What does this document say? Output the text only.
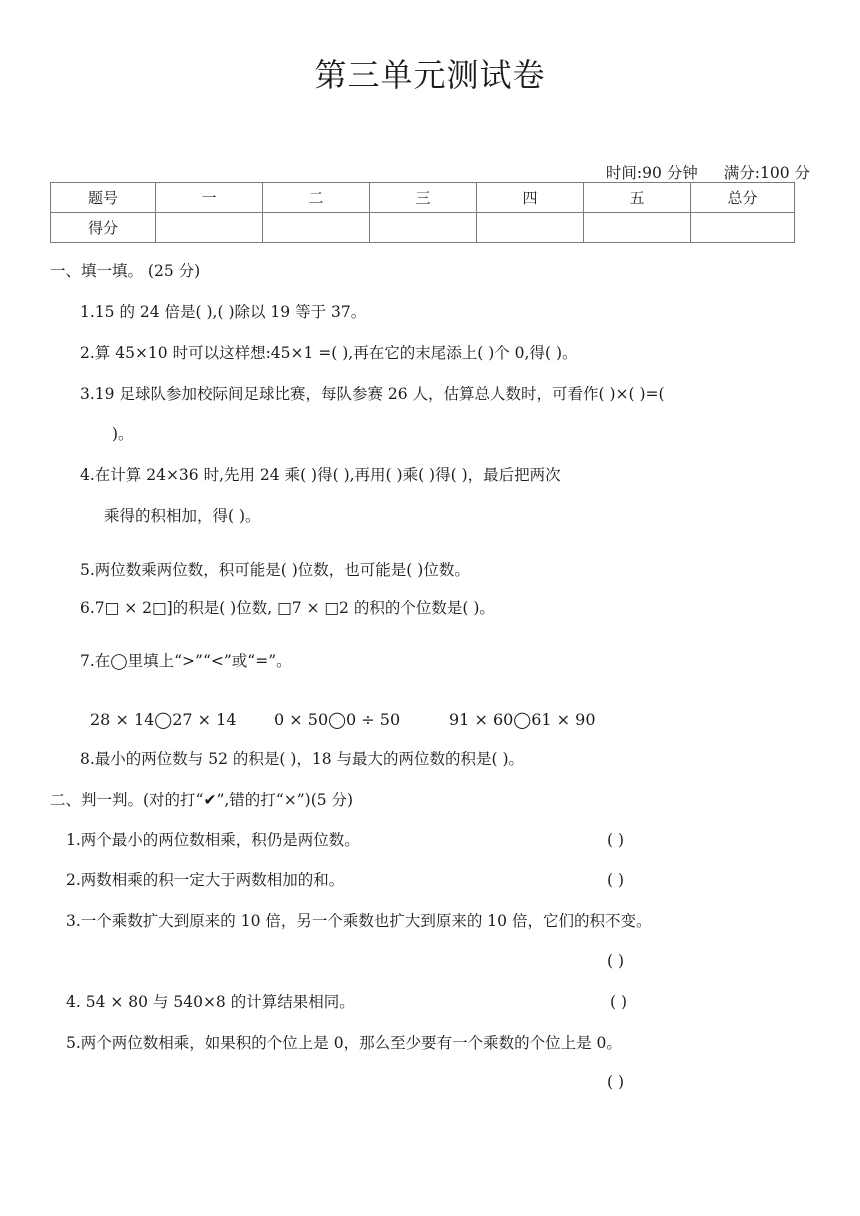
第三单元测试卷
时间:90 分钟 满分:100 分
题号	一	二	三	四	五	总分
得分						
一、填一填。 (25 分)
1.15 的 24 倍是( ),( )除以 19 等于 37。
2.算 45×10 时可以这样想:45×1 =( ),再在它的末尾添上( )个 0,得( )。
3.19 足球队参加校际间足球比赛，每队参赛 26 人，估算总人数时，可看作( )×( )=(
)。
4.在计算 24×36 时,先用 24 乘( )得( ),再用( )乘( )得( )，最后把两次
乘得的积相加，得( )。
5.两位数乘两位数，积可能是( )位数，也可能是( )位数。
6.7□ × 2□]的积是( )位数, □7 × □2 的积的个位数是( )。
7.在◯里填上“>”“<”或“=”。
28 × 14◯27 × 14 0 × 50◯0 ÷ 50	91 × 60◯61 × 90
8.最小的两位数与 52 的积是( )，18 与最大的两位数的积是( )。
二、判一判。(对的打“✔”,错的打“×”)(5 分)
1.两个最小的两位数相乘，积仍是两位数。	( )
2.两数相乘的积一定大于两数相加的和。	( )
3.一个乘数扩大到原来的 10 倍，另一个乘数也扩大到原来的 10 倍，它们的积不变。
( )
4. 54 × 80 与 540×8 的计算结果相同。	( )
5.两个两位数相乘，如果积的个位上是 0，那么至少要有一个乘数的个位上是 0。
( )
